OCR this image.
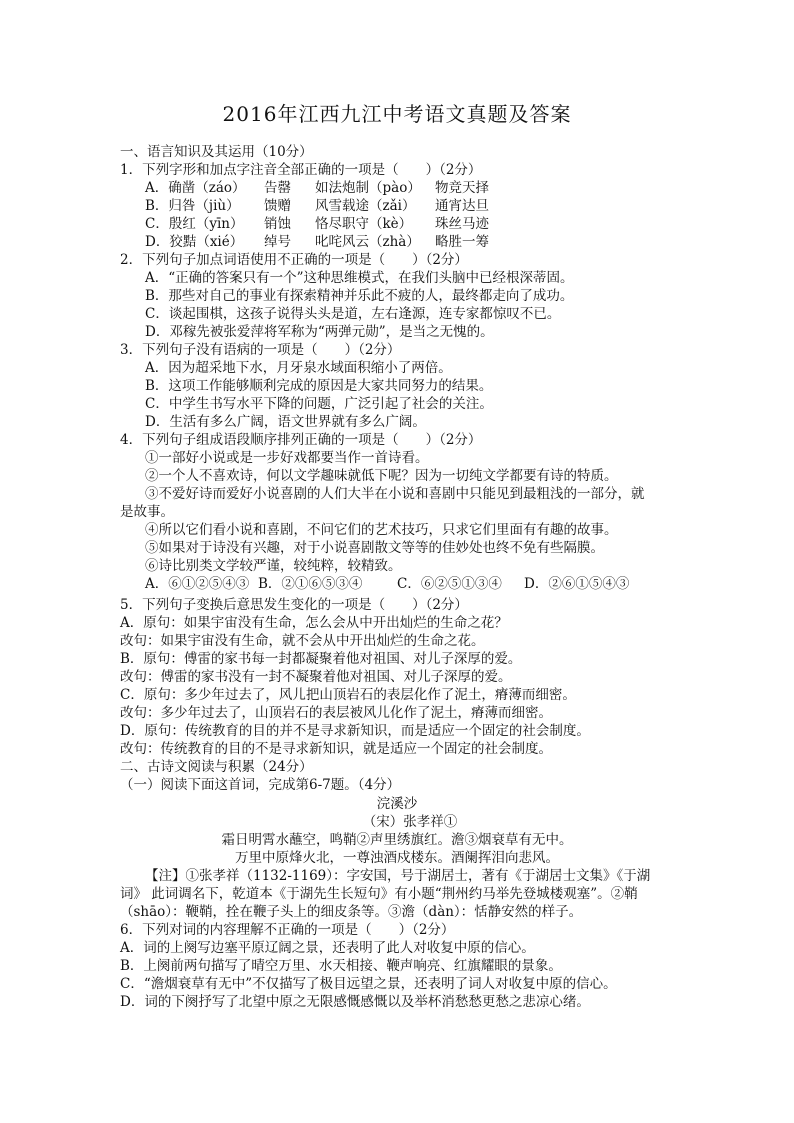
2016年江西九江中考语文真题及答案
一、语言知识及其运用（10分）
1．下列字形和加点字注音全部正确的一项是（　　）（2分）
A．确凿（záo） 告罄 如法炮制（pào） 物竞天择
B．归咎（jiù） 馈赠 风雪载途（zǎi） 通宵达旦
C．殷红（yīn） 销蚀 恪尽职守（kè） 珠丝马迹
D．狡黠（xié） 绰号 叱咤风云（zhà） 略胜一筹
2．下列句子加点词语使用不正确的一项是（　　）（2分）
A．“正确的答案只有一个”这种思维模式，在我们头脑中已经根深蒂固。
B．那些对自己的事业有探索精神并乐此不疲的人，最终都走向了成功。
C．谈起围棋，这孩子说得头头是道，左右逢源，连专家都惊叹不已。
D．邓稼先被张爱萍将军称为“两弹元勋”，是当之无愧的。
3．下列句子没有语病的一项是（　　）（2分）
A．因为超采地下水，月牙泉水域面积缩小了两倍。
B．这项工作能够顺利完成的原因是大家共同努力的结果。
C．中学生书写水平下降的问题，广泛引起了社会的关注。
D．生活有多么广阔，语文世界就有多么广阔。
4．下列句子组成语段顺序排列正确的一项是（　　）（2分）
①一部好小说或是一步好戏都要当作一首诗看。
②一个人不喜欢诗，何以文学趣味就低下呢？因为一切纯文学都要有诗的特质。
③不爱好诗而爱好小说喜剧的人们大半在小说和喜剧中只能见到最粗浅的一部分，就
是故事。
④所以它们看小说和喜剧，不问它们的艺术技巧，只求它们里面有有趣的故事。
⑤如果对于诗没有兴趣，对于小说喜剧散文等等的佳妙处也终不免有些隔膜。
⑥诗比别类文学较严谨，较纯粹，较精致。
A．⑥①②⑤④③ B．②①⑥⑤③④	C．⑥②⑤①③④ D．②⑥①⑤④③
5．下列句子变换后意思发生变化的一项是（　　）（2分）
A．原句：如果宇宙没有生命，怎么会从中开出灿烂的生命之花？
改句：如果宇宙没有生命，就不会从中开出灿烂的生命之花。
B．原句：傅雷的家书每一封都凝聚着他对祖国、对儿子深厚的爱。
改句：傅雷的家书没有一封不凝聚着他对祖国、对儿子深厚的爱。
C．原句：多少年过去了，风儿把山顶岩石的表层化作了泥土，瘠薄而细密。
改句：多少年过去了，山顶岩石的表层被风儿化作了泥土，瘠薄而细密。
D．原句：传统教育的目的并不是寻求新知识，而是适应一个固定的社会制度。
改句：传统教育的目的不是寻求新知识，就是适应一个固定的社会制度。
二、古诗文阅读与积累（24分）
（一）阅读下面这首词，完成第6-7题。（4分）
浣溪沙
（宋）张孝祥①
霜日明霄水蘸空，鸣鞘②声里绣旗红。澹③烟衰草有无中。
万里中原烽火北，一尊浊酒戍楼东。酒阑挥泪向悲风。
【注】①张孝祥（1132-1169）：字安国，号于湖居士，著有《于湖居士文集》《于湖
词》 此词调名下，乾道本《于湖先生长短句》有小题“荆州约马举先登城楼观塞”。②鞘
（shāo）：鞭鞘，拴在鞭子头上的细皮条等。③澹（dàn）：恬静安然的样子。
6．下列对词的内容理解不正确的一项是（　　）（2分）
A．词的上阕写边塞平原辽阔之景，还表明了此人对收复中原的信心。
B．上阕前两句描写了晴空万里、水天相接、鞭声响亮、红旗耀眼的景象。
C．“澹烟衰草有无中”不仅描写了极目远望之景，还表明了词人对收复中原的信心。
D．词的下阕抒写了北望中原之无限感慨感慨以及举杯消愁愁更愁之悲凉心绪。
